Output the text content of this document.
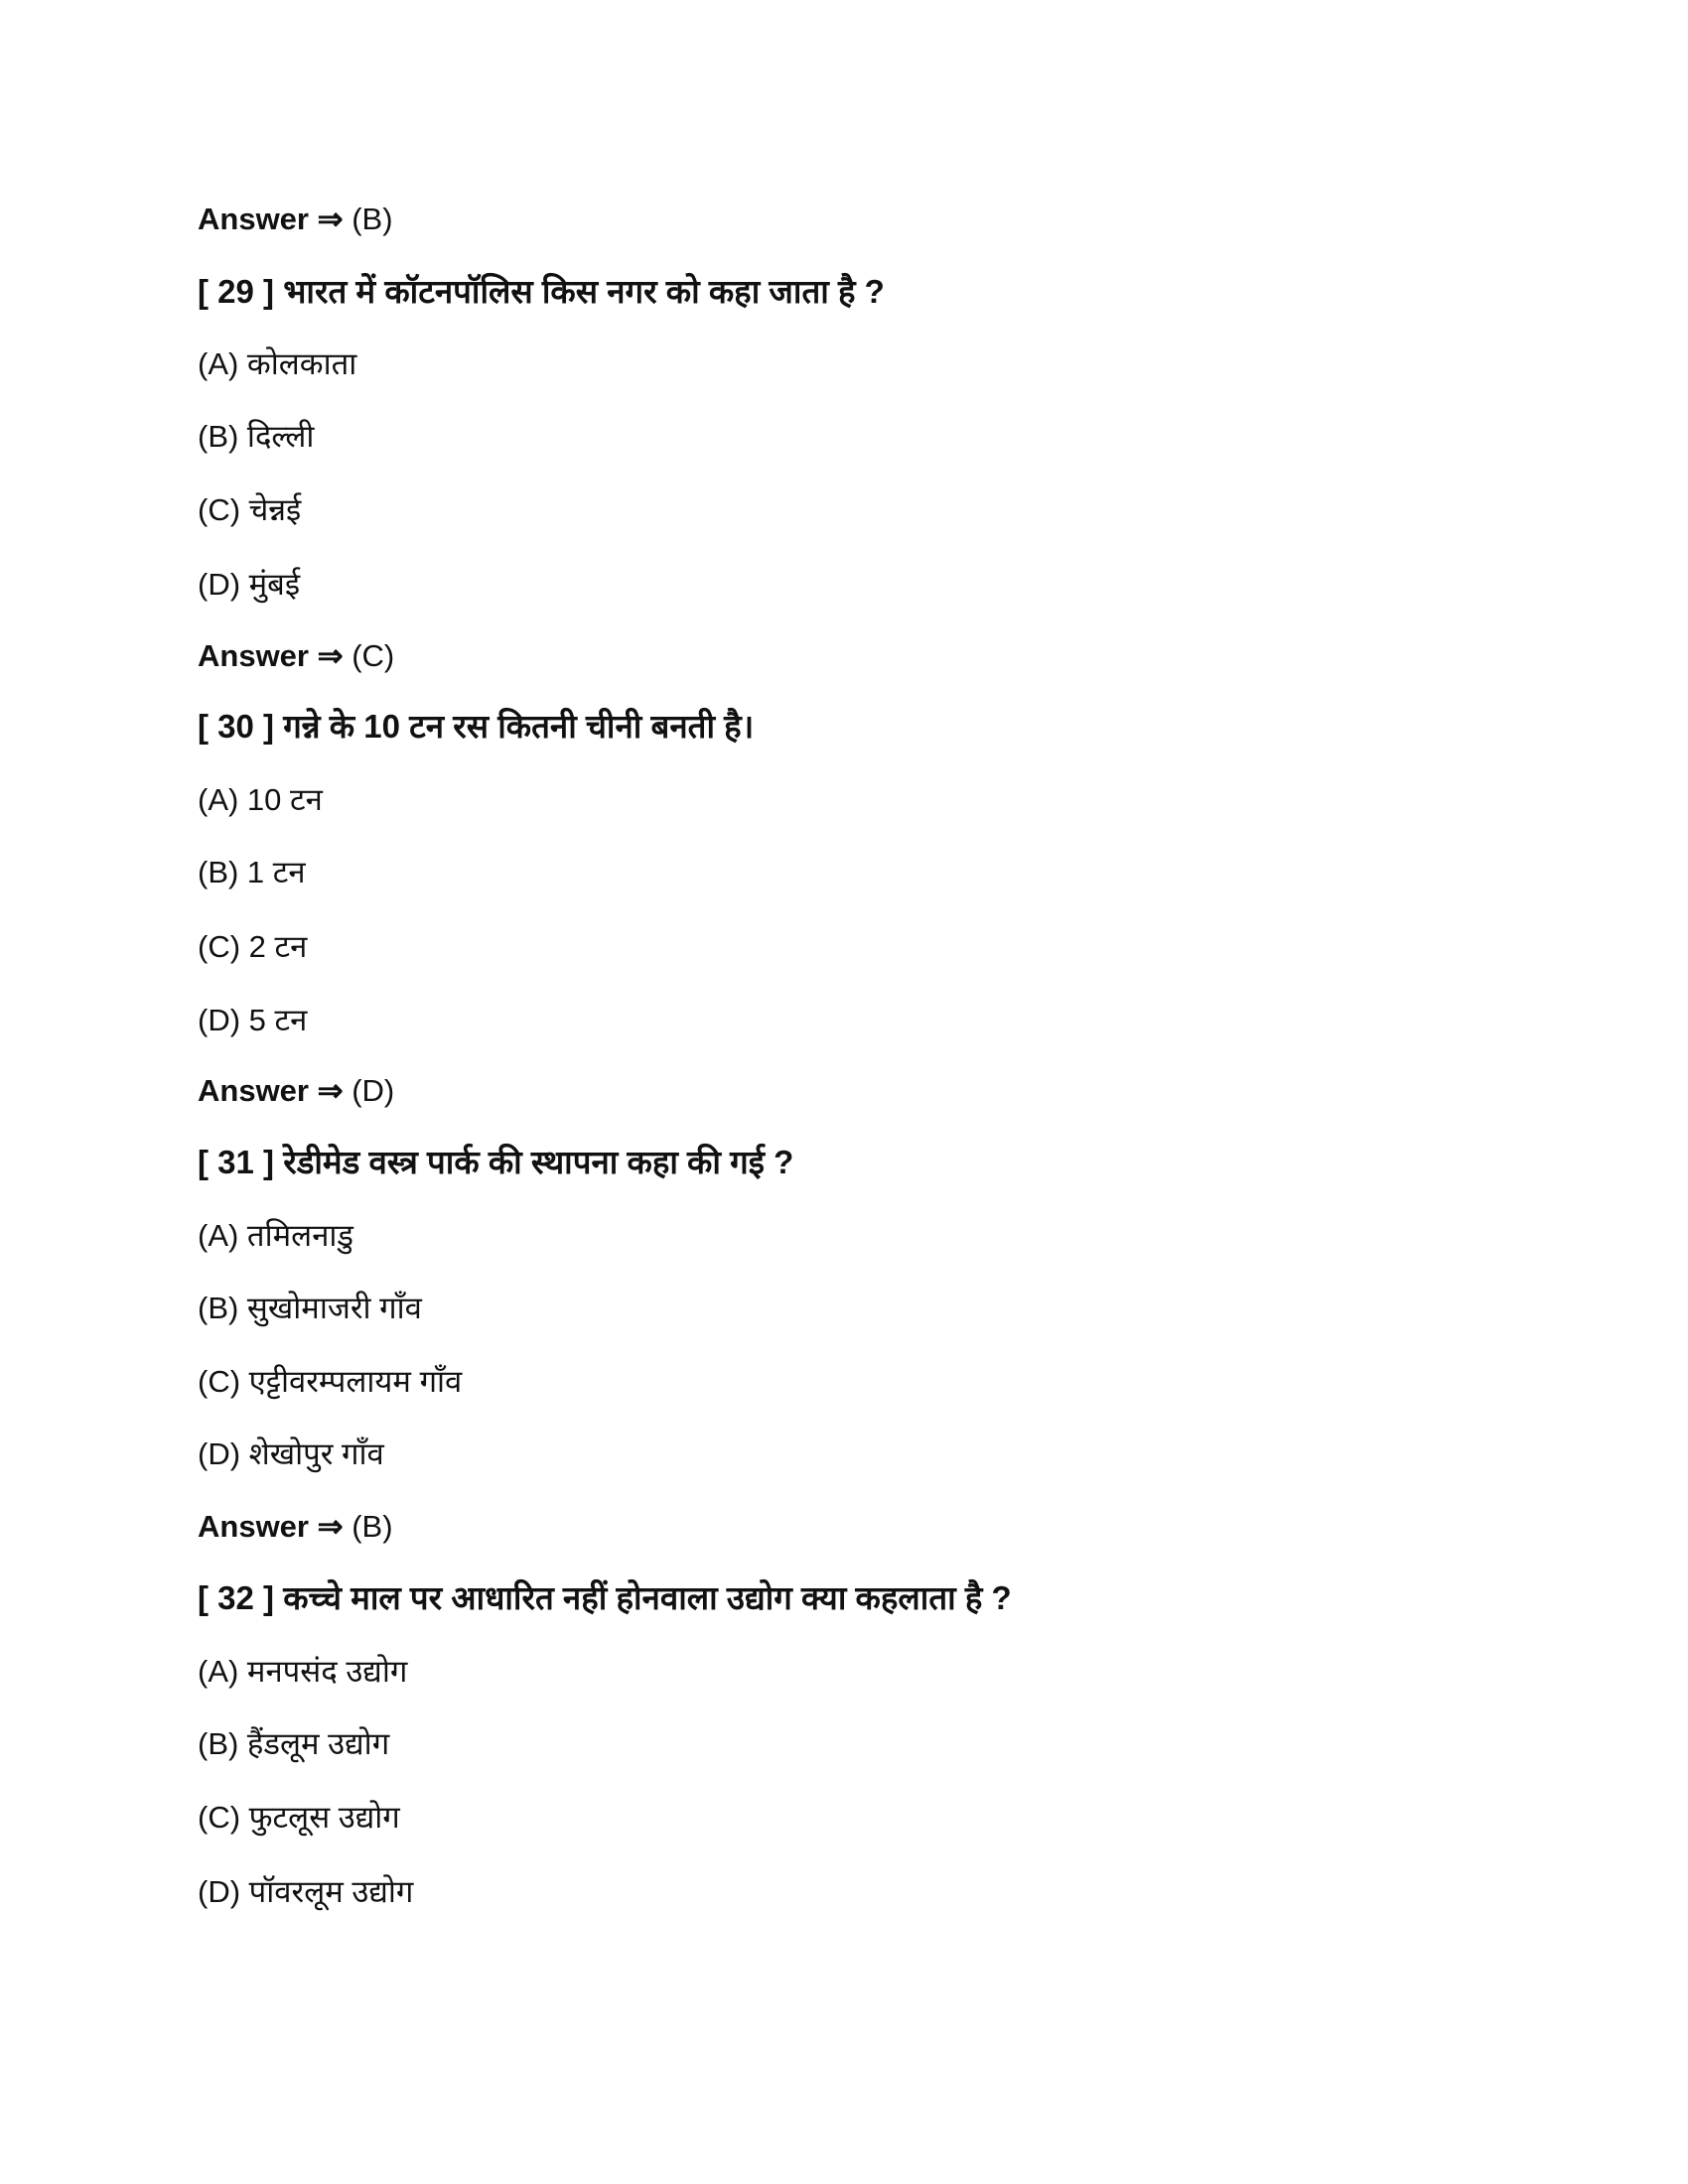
Answer ⇒ (B)
[ 29 ] भारत में कॉटनपॉलिस किस नगर को कहा जाता है ?
(A) कोलकाता
(B) दिल्ली
(C) चेन्नई
(D) मुंबई
Answer ⇒ (C)
[ 30 ] गन्ने के 10 टन रस कितनी चीनी बनती है।
(A) 10 टन
(B) 1 टन
(C) 2 टन
(D) 5 टन
Answer ⇒ (D)
[ 31 ] रेडीमेड वस्त्र पार्क की स्थापना कहा की गई ?
(A) तमिलनाडु
(B) सुखोमाजरी गाँव
(C) एट्टीवरम्पलायम गाँव
(D) शेखोपुर गाँव
Answer ⇒ (B)
[ 32 ] कच्चे माल पर आधारित नहीं होनवाला उद्योग क्या कहलाता है ?
(A) मनपसंद उद्योग
(B) हैंडलूम उद्योग
(C) फुटलूस उद्योग
(D) पॉवरलूम उद्योग
